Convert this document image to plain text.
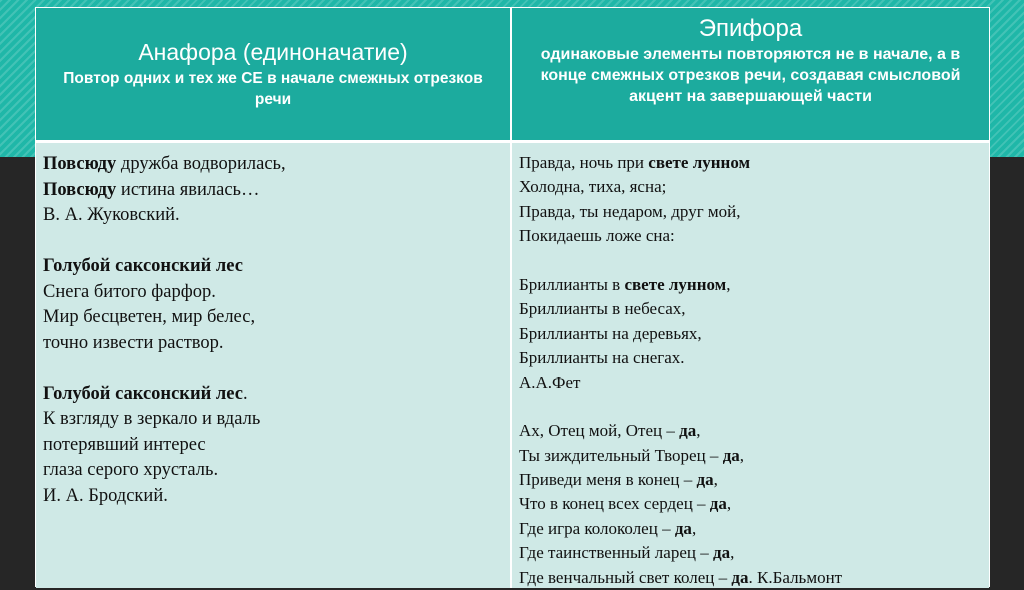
Анафора (единоначатие)
Повтор одних и тех же СЕ в начале смежных отрезков речи
Эпифора
одинаковые элементы повторяются не в начале, а в конце смежных отрезков речи, создавая смысловой акцент на завершающей части
Повсюду дружба водворилась,
Повсюду истина явилась…
В. А. Жуковский.
Голубой саксонский лес
Снега битого фарфор.
Мир бесцветен, мир белес,
точно извести раствор.
Голубой саксонский лес.
К взгляду в зеркало и вдаль
потерявший интерес
глаза серого хрусталь.
И. А. Бродский.
Правда, ночь при свете лунном
Холодна, тиха, ясна;
Правда, ты недаром, друг мой,
Покидаешь ложе сна:
Бриллианты в свете лунном,
Бриллианты в небесах,
Бриллианты на деревьях,
Бриллианты на снегах.
А.А.Фет
Ах, Отец мой, Отец – да,
Ты зиждительный Творец – да,
Приведи меня в конец – да,
Что в конец всех сердец – да,
Где игра колоколец – да,
Где таинственный ларец – да,
Где венчальный свет колец – да. К.Бальмонт
